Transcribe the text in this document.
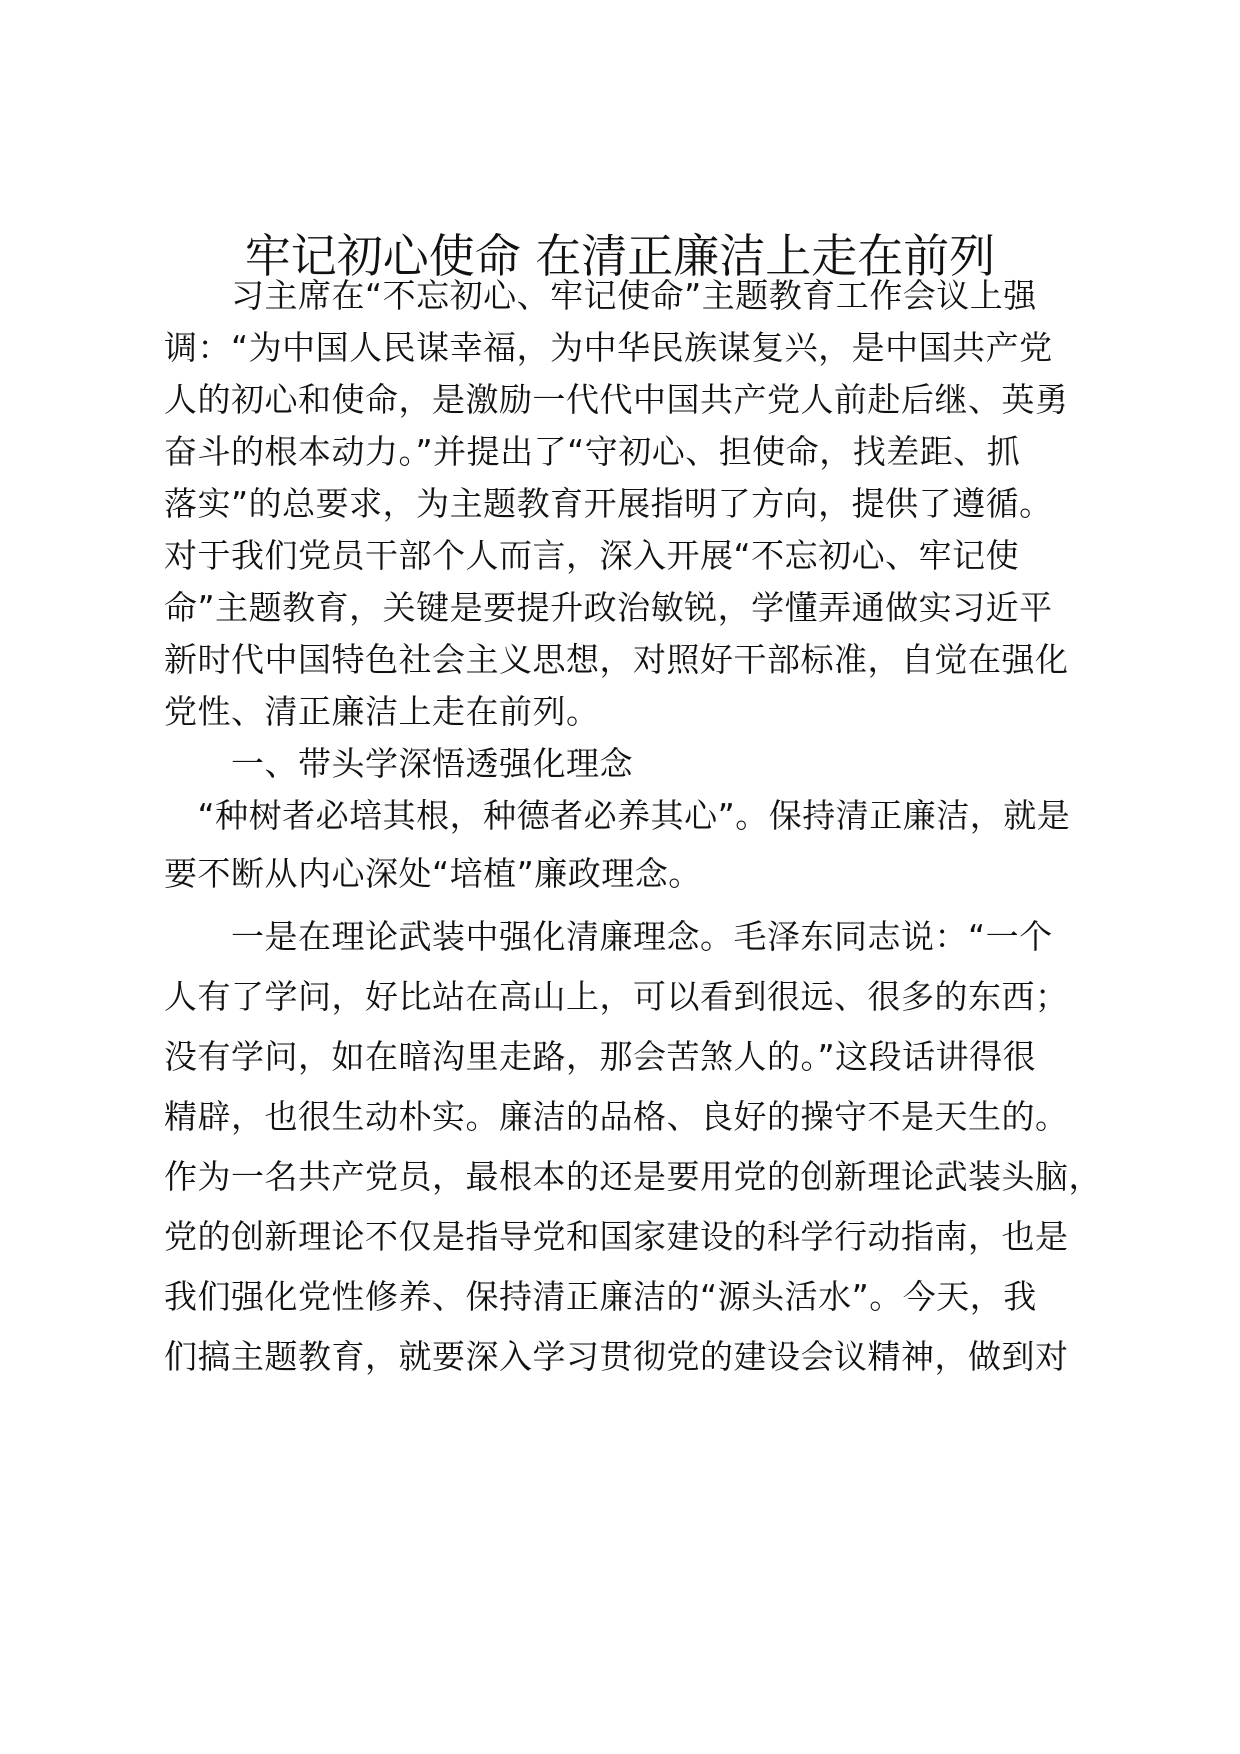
牢记初心使命 在清正廉洁上走在前列
　　习主席在“不忘初心、牢记使命”主题教育工作会议上强
调：“为中国人民谋幸福，为中华民族谋复兴，是中国共产党
人的初心和使命，是激励一代代中国共产党人前赴后继、英勇
奋斗的根本动力。”并提出了“守初心、担使命，找差距、抓
落实”的总要求，为主题教育开展指明了方向，提供了遵循。
对于我们党员干部个人而言，深入开展“不忘初心、牢记使
命”主题教育，关键是要提升政治敏锐，学懂弄通做实习近平
新时代中国特色社会主义思想，对照好干部标准，自觉在强化
党性、清正廉洁上走在前列。
　　一、带头学深悟透强化理念
　“种树者必培其根，种德者必养其心”。保持清正廉洁，就是
要不断从内心深处“培植”廉政理念。
　　一是在理论武装中强化清廉理念。毛泽东同志说：“一个
人有了学问，好比站在高山上，可以看到很远、很多的东西；
没有学问，如在暗沟里走路，那会苦煞人的。”这段话讲得很
精辟，也很生动朴实。廉洁的品格、良好的操守不是天生的。
作为一名共产党员，最根本的还是要用党的创新理论武装头脑，
党的创新理论不仅是指导党和国家建设的科学行动指南，也是
我们强化党性修养、保持清正廉洁的“源头活水”。今天，我
们搞主题教育，就要深入学习贯彻党的建设会议精神，做到对
